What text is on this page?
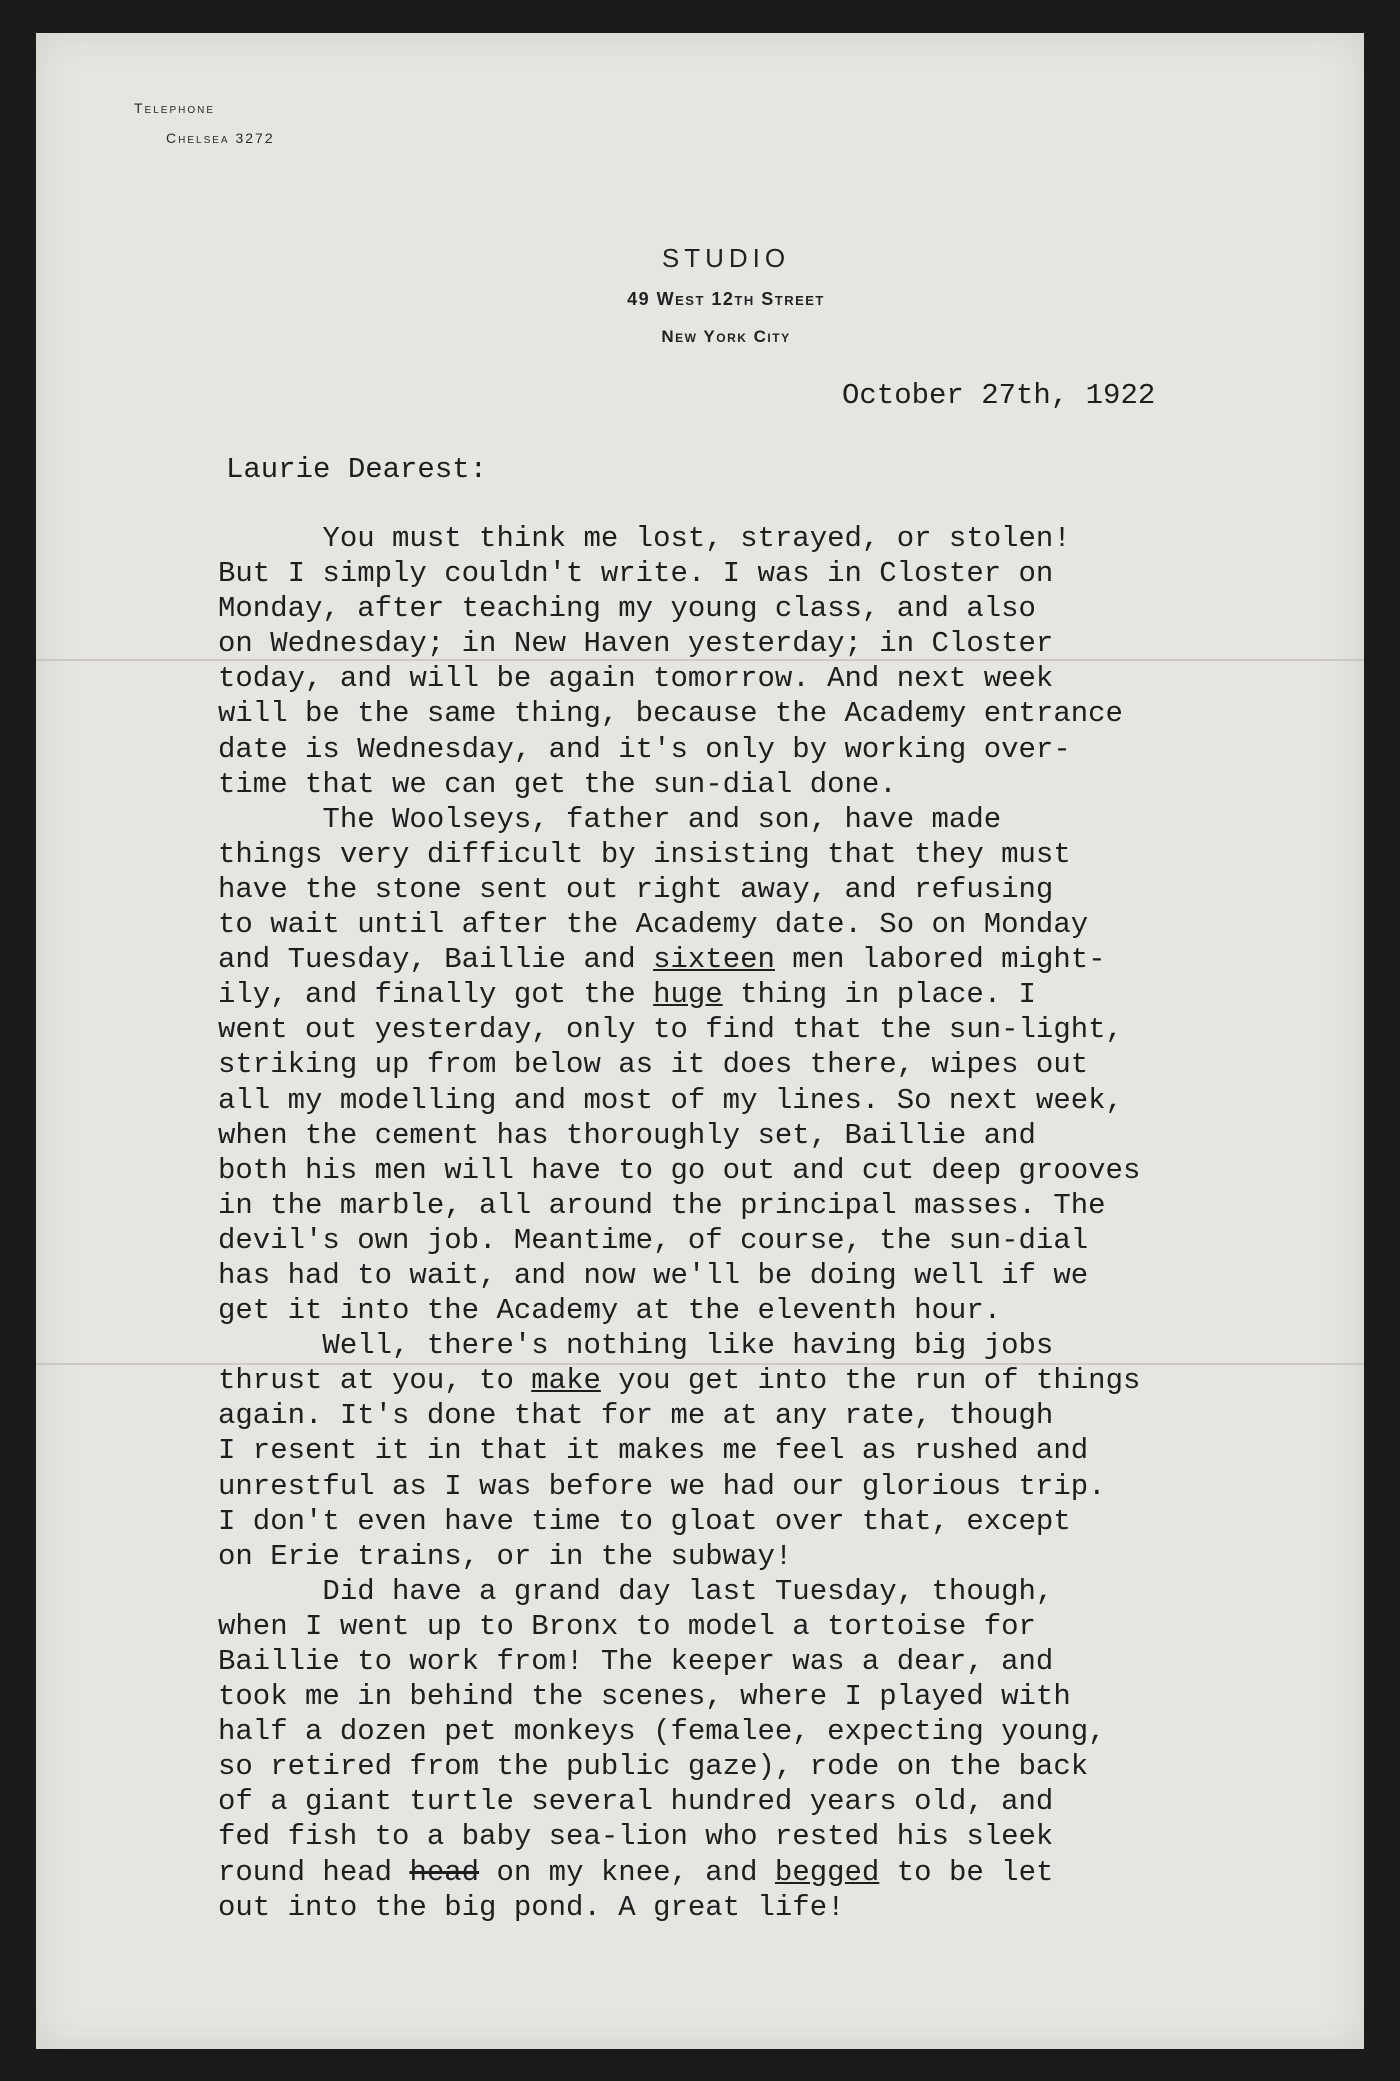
Telephone
Chelsea 3272
STUDIO
49 West 12th Street
New York City
October 27th, 1922
Laurie Dearest:
You must think me lost, strayed, or stolen!
But I simply couldn't write. I was in Closter on
Monday, after teaching my young class, and also
on Wednesday; in New Haven yesterday; in Closter
today, and will be again tomorrow. And next week
will be the same thing, because the Academy entrance
date is Wednesday, and it's only by working over-
time that we can get the sun-dial done.
The Woolseys, father and son, have made
things very difficult by insisting that they must
have the stone sent out right away, and refusing
to wait until after the Academy date. So on Monday
and Tuesday, Baillie and sixteen men labored might-
ily, and finally got the huge thing in place. I
went out yesterday, only to find that the sun-light,
striking up from below as it does there, wipes out
all my modelling and most of my lines. So next week,
when the cement has thoroughly set, Baillie and
both his men will have to go out and cut deep grooves
in the marble, all around the principal masses. The
devil's own job. Meantime, of course, the sun-dial
has had to wait, and now we'll be doing well if we
get it into the Academy at the eleventh hour.
Well, there's nothing like having big jobs
thrust at you, to make you get into the run of things
again. It's done that for me at any rate, though
I resent it in that it makes me feel as rushed and
unrestful as I was before we had our glorious trip.
I don't even have time to gloat over that, except
on Erie trains, or in the subway!
Did have a grand day last Tuesday, though,
when I went up to Bronx to model a tortoise for
Baillie to work from! The keeper was a dear, and
took me in behind the scenes, where I played with
half a dozen pet monkeys (femalee, expecting young,
so retired from the public gaze), rode on the back
of a giant turtle several hundred years old, and
fed fish to a baby sea-lion who rested his sleek
round head head on my knee, and begged to be let
out into the big pond. A great life!
